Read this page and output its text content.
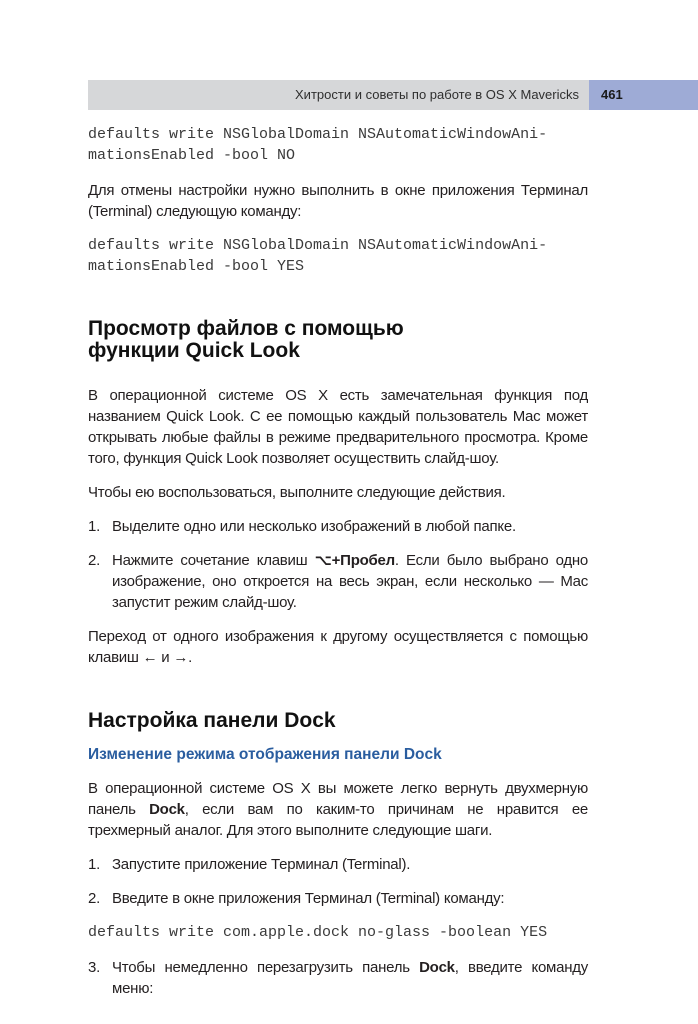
Хитрости и советы по работе в OS X Mavericks 461
defaults write NSGlobalDomain NSAutomaticWindowAni-
mationsEnabled -bool NO

Для отмены настройки нужно выполнить в окне приложения Терминал (Terminal) следующую команду:

defaults write NSGlobalDomain NSAutomaticWindowAni-
mationsEnabled -bool YES
Просмотр файлов с помощью
функции Quick Look

В операционной системе OS X есть замечательная функция под названием Quick Look. С ее помощью каждый пользователь Mac может открывать любые файлы в режиме предварительного просмотра. Кроме того, функция Quick Look позволяет осуществить слайд-шоу.

Чтобы ею воспользоваться, выполните следующие действия.

1. Выделите одно или несколько изображений в любой папке.
2. Нажмите сочетание клавиш ⌥+Пробел. Если было выбрано одно изображение, оно откроется на весь экран, если несколько — Mac запустит режим слайд-шоу.

Переход от одного изображения к другому осуществляется с помощью клавиш ← и →.

Настройка панели Dock
Изменение режима отображения панели Dock

В операционной системе OS X вы можете легко вернуть двухмерную панель Dock, если вам по каким-то причинам не нравится ее трехмерный аналог. Для этого выполните следующие шаги.

1. Запустите приложение Терминал (Terminal).
2. Введите в окне приложения Терминал (Terminal) команду:
defaults write com.apple.dock no-glass -boolean YES
3. Чтобы немедленно перезагрузить панель Dock, введите команду меню:
